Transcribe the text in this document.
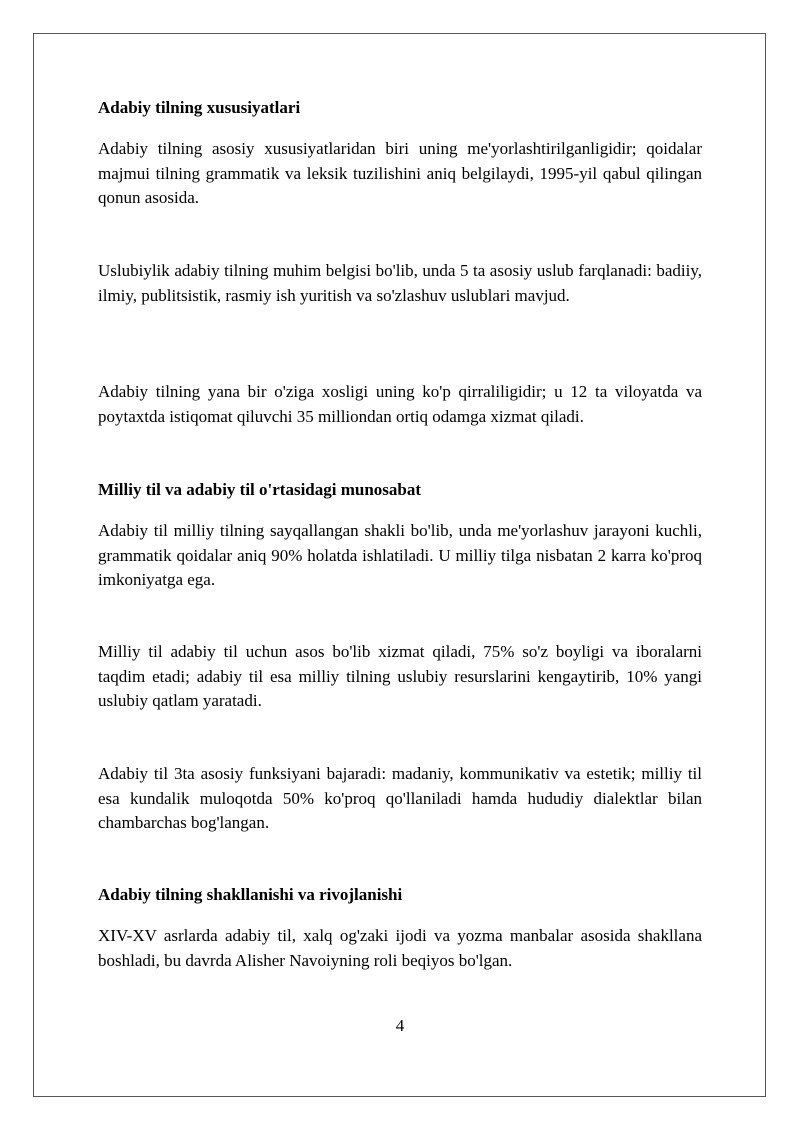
Adabiy tilning xususiyatlari

Adabiy tilning asosiy xususiyatlaridan biri uning me'yorlashtirilganligidir; qoidalar majmui tilning grammatik va leksik tuzilishini aniq belgilaydi, 1995-yil qabul qilingan qonun asosida.

Uslubiylik adabiy tilning muhim belgisi bo'lib, unda 5 ta asosiy uslub farqlanadi: badiiy, ilmiy, publitsistik, rasmiy ish yuritish va so'zlashuv uslublari mavjud.

Adabiy tilning yana bir o'ziga xosligi uning ko'p qirraliligidir; u 12 ta viloyatda va poytaxtda istiqomat qiluvchi 35 milliondan ortiq odamga xizmat qiladi.

Milliy til va adabiy til o'rtasidagi munosabat

Adabiy til milliy tilning sayqallangan shakli bo'lib, unda me'yorlashuv jarayoni kuchli, grammatik qoidalar aniq 90% holatda ishlatiladi. U milliy tilga nisbatan 2 karra ko'proq imkoniyatga ega.

Milliy til adabiy til uchun asos bo'lib xizmat qiladi, 75% so'z boyligi va iboralarni taqdim etadi; adabiy til esa milliy tilning uslubiy resurslarini kengaytirib, 10% yangi uslubiy qatlam yaratadi.

Adabiy til 3ta asosiy funksiyani bajaradi: madaniy, kommunikativ va estetik; milliy til esa kundalik muloqotda 50% ko'proq qo'llaniladi hamda hududiy dialektlar bilan chambarchas bog'langan.

Adabiy tilning shakllanishi va rivojlanishi

XIV-XV asrlarda adabiy til, xalq og'zaki ijodi va yozma manbalar asosida shakllana boshladi, bu davrda Alisher Navoiyning roli beqiyos bo'lgan.

4
